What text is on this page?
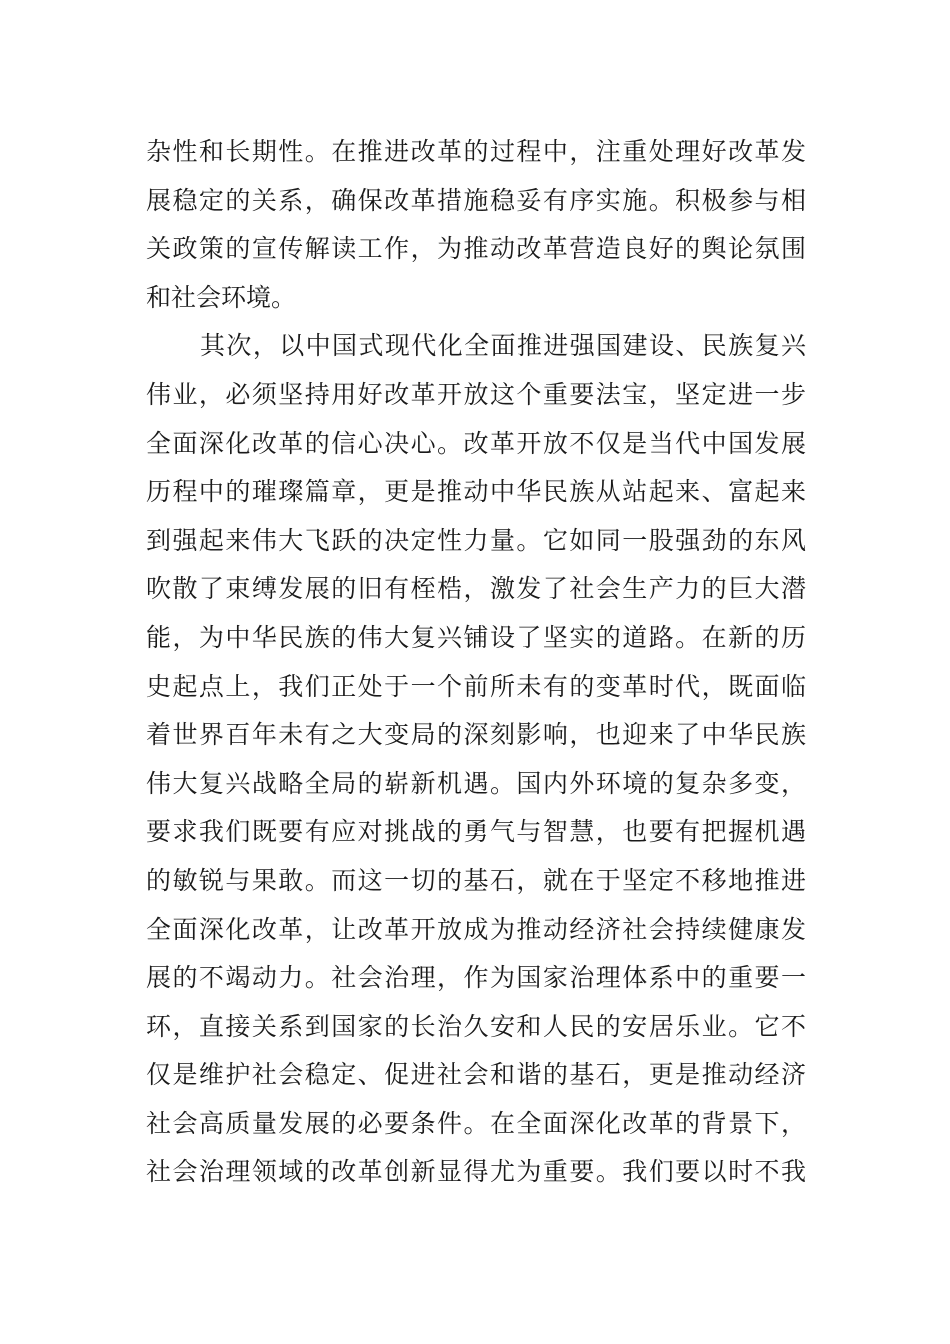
杂性和长期性。在推进改革的过程中，注重处理好改革发
展稳定的关系，确保改革措施稳妥有序实施。积极参与相
关政策的宣传解读工作，为推动改革营造良好的舆论氛围
和社会环境。
其次，以中国式现代化全面推进强国建设、民族复兴
伟业，必须坚持用好改革开放这个重要法宝，坚定进一步
全面深化改革的信心决心。改革开放不仅是当代中国发展
历程中的璀璨篇章，更是推动中华民族从站起来、富起来
到强起来伟大飞跃的决定性力量。它如同一股强劲的东风
吹散了束缚发展的旧有桎梏，激发了社会生产力的巨大潜
能，为中华民族的伟大复兴铺设了坚实的道路。在新的历
史起点上，我们正处于一个前所未有的变革时代，既面临
着世界百年未有之大变局的深刻影响，也迎来了中华民族
伟大复兴战略全局的崭新机遇。国内外环境的复杂多变，
要求我们既要有应对挑战的勇气与智慧，也要有把握机遇
的敏锐与果敢。而这一切的基石，就在于坚定不移地推进
全面深化改革，让改革开放成为推动经济社会持续健康发
展的不竭动力。社会治理，作为国家治理体系中的重要一
环，直接关系到国家的长治久安和人民的安居乐业。它不
仅是维护社会稳定、促进社会和谐的基石，更是推动经济
社会高质量发展的必要条件。在全面深化改革的背景下，
社会治理领域的改革创新显得尤为重要。我们要以时不我
